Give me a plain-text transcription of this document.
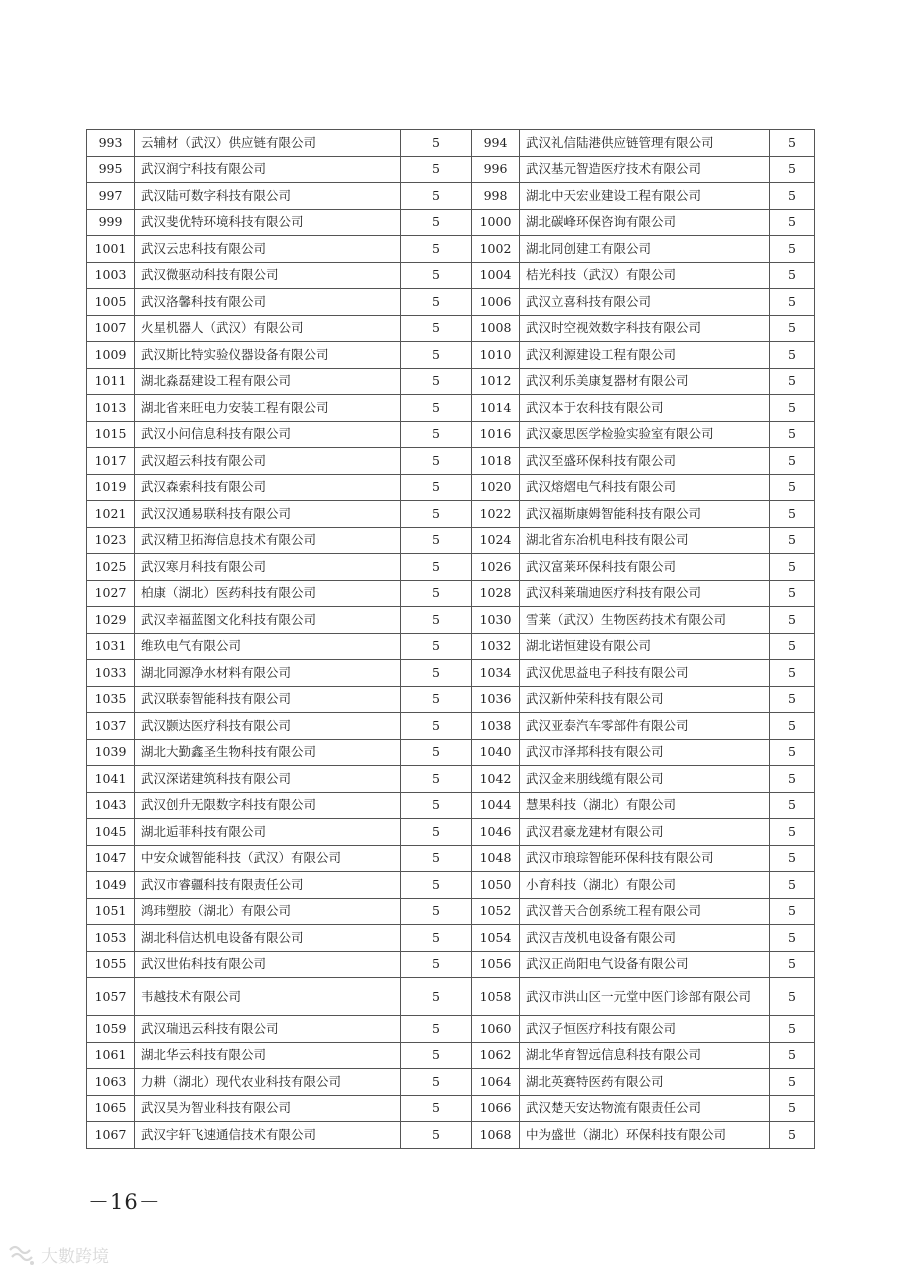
993	云辅材（武汉）供应链有限公司	5	994	武汉礼信陆港供应链管理有限公司	5
995	武汉润宁科技有限公司	5	996	武汉基元智造医疗技术有限公司	5
997	武汉陆可数字科技有限公司	5	998	湖北中天宏业建设工程有限公司	5
999	武汉斐优特环境科技有限公司	5	1000	湖北碳峰环保咨询有限公司	5
1001	武汉云忠科技有限公司	5	1002	湖北同创建工有限公司	5
1003	武汉微驱动科技有限公司	5	1004	桔光科技（武汉）有限公司	5
1005	武汉洛馨科技有限公司	5	1006	武汉立喜科技有限公司	5
1007	火星机器人（武汉）有限公司	5	1008	武汉时空视效数字科技有限公司	5
1009	武汉斯比特实验仪器设备有限公司	5	1010	武汉利源建设工程有限公司	5
1011	湖北淼磊建设工程有限公司	5	1012	武汉利乐美康复器材有限公司	5
1013	湖北省来旺电力安装工程有限公司	5	1014	武汉本于农科技有限公司	5
1015	武汉小问信息科技有限公司	5	1016	武汉豪思医学检验实验室有限公司	5
1017	武汉超云科技有限公司	5	1018	武汉至盛环保科技有限公司	5
1019	武汉森索科技有限公司	5	1020	武汉熔熠电气科技有限公司	5
1021	武汉汉通易联科技有限公司	5	1022	武汉福斯康姆智能科技有限公司	5
1023	武汉精卫拓海信息技术有限公司	5	1024	湖北省东冶机电科技有限公司	5
1025	武汉寒月科技有限公司	5	1026	武汉富莱环保科技有限公司	5
1027	柏康（湖北）医药科技有限公司	5	1028	武汉科莱瑞迪医疗科技有限公司	5
1029	武汉幸福蓝图文化科技有限公司	5	1030	雪莱（武汉）生物医药技术有限公司	5
1031	维玖电气有限公司	5	1032	湖北诺恒建设有限公司	5
1033	湖北同源净水材料有限公司	5	1034	武汉优思益电子科技有限公司	5
1035	武汉联泰智能科技有限公司	5	1036	武汉新仲荣科技有限公司	5
1037	武汉颢达医疗科技有限公司	5	1038	武汉亚泰汽车零部件有限公司	5
1039	湖北大勤鑫圣生物科技有限公司	5	1040	武汉市泽邦科技有限公司	5
1041	武汉深诺建筑科技有限公司	5	1042	武汉金来朋线缆有限公司	5
1043	武汉创升无限数字科技有限公司	5	1044	慧果科技（湖北）有限公司	5
1045	湖北逅菲科技有限公司	5	1046	武汉君豪龙建材有限公司	5
1047	中安众诚智能科技（武汉）有限公司	5	1048	武汉市琅琮智能环保科技有限公司	5
1049	武汉市睿疆科技有限责任公司	5	1050	小育科技（湖北）有限公司	5
1051	鸿玮塑胶（湖北）有限公司	5	1052	武汉普天合创系统工程有限公司	5
1053	湖北科信达机电设备有限公司	5	1054	武汉吉茂机电设备有限公司	5
1055	武汉世佑科技有限公司	5	1056	武汉正尚阳电气设备有限公司	5
1057	韦越技术有限公司	5	1058	武汉市洪山区一元堂中医门诊部有限公司	5
1059	武汉瑞迅云科技有限公司	5	1060	武汉子恒医疗科技有限公司	5
1061	湖北华云科技有限公司	5	1062	湖北华育智远信息科技有限公司	5
1063	力耕（湖北）现代农业科技有限公司	5	1064	湖北英赛特医药有限公司	5
1065	武汉昊为智业科技有限公司	5	1066	武汉楚天安达物流有限责任公司	5
1067	武汉宇轩飞速通信技术有限公司	5	1068	中为盛世（湖北）环保科技有限公司	5
－16－
大數跨境
